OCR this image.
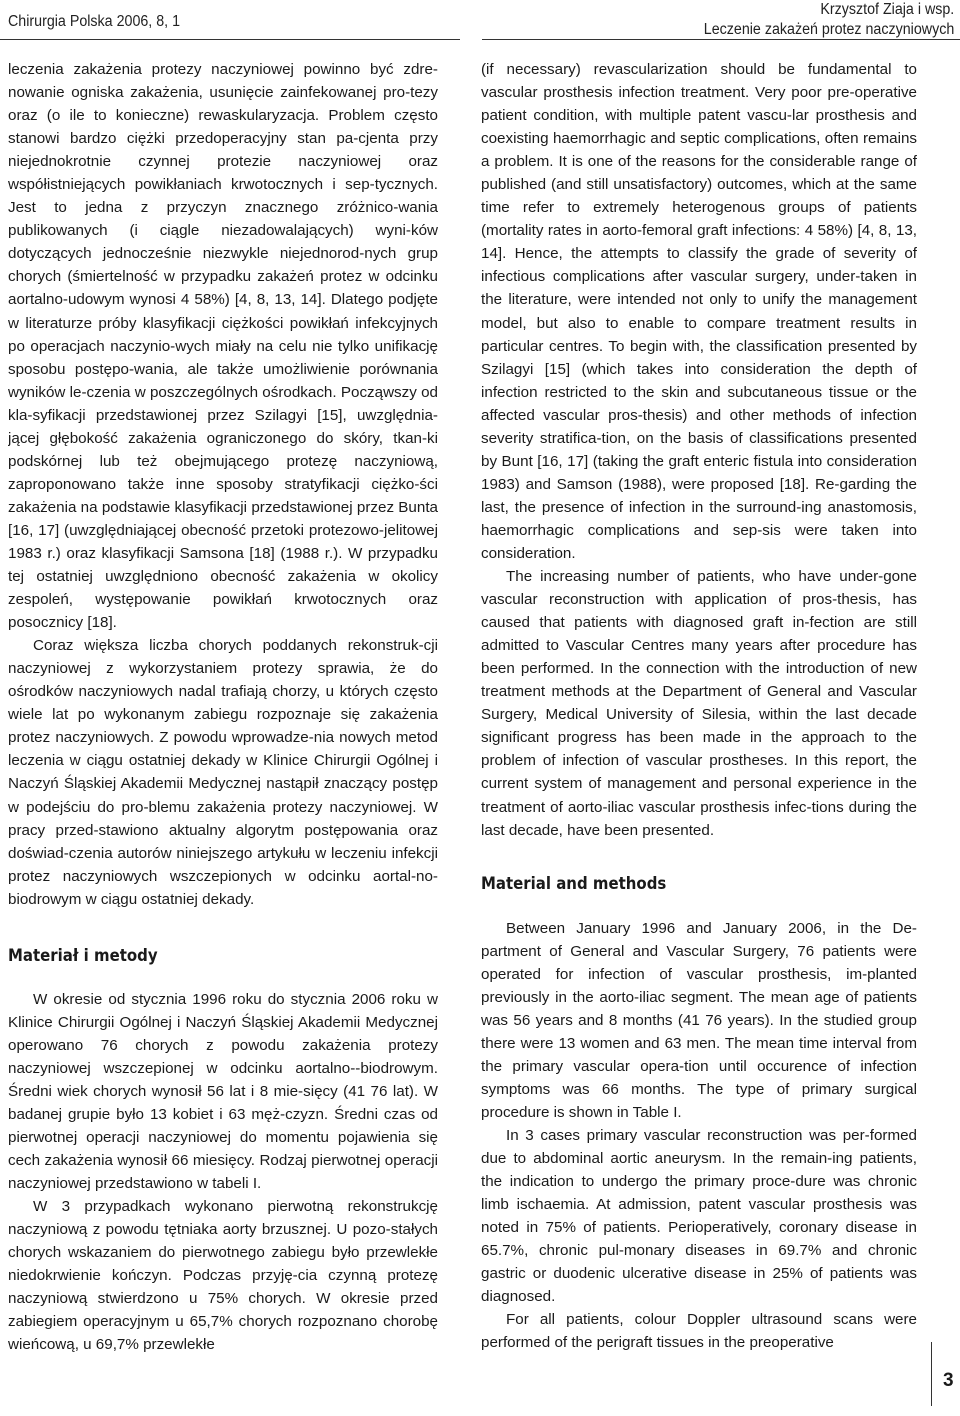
Chirurgia Polska 2006, 8, 1
Krzysztof Ziaja i wsp.
Leczenie zakażeń protez naczyniowych

leczenia zakażenia protezy naczyniowej powinno być zdre-nowanie ogniska zakażenia, usunięcie zainfekowanej pro-tezy oraz (o ile to konieczne) rewaskularyzacja. Problem często stanowi bardzo ciężki przedoperacyjny stan pa-cjenta przy niejednokrotnie czynnej protezie naczyniowej oraz współistniejących powikłaniach krwotocznych i sep-tycznych. Jest to jedna z przyczyn znacznego zróżnico-wania publikowanych (i ciągle niezadowalających) wyni-ków dotyczących jednocześnie niezwykle niejednorod-nych grup chorych (śmiertelność w przypadku zakażeń protez w odcinku aortalno-udowym wynosi 4 58%) [4, 8, 13, 14]. Dlatego podjęte w literaturze próby klasyfikacji ciężkości powikłań infekcyjnych po operacjach naczynio-wych miały na celu nie tylko unifikację sposobu postępo-wania, ale także umożliwienie porównania wyników le-czenia w poszczególnych ośrodkach. Począwszy od kla-syfikacji przedstawionej przez Szilagyi [15], uwzględnia-jącej głębokość zakażenia ograniczonego do skóry, tkan-ki podskórnej lub też obejmującego protezę naczyniową, zaproponowano także inne sposoby stratyfikacji ciężko-ści zakażenia na podstawie klasyfikacji przedstawionej przez Bunta [16, 17] (uwzględniającej obecność przetoki protezowo-jelitowej 1983 r.) oraz klasyfikacji Samsona [18] (1988 r.). W przypadku tej ostatniej uwzględniono obecność zakażenia w okolicy zespoleń, występowanie powikłań krwotocznych oraz posocznicy [18].

Coraz większa liczba chorych poddanych rekonstruk-cji naczyniowej z wykorzystaniem protezy sprawia, że do ośrodków naczyniowych nadal trafiają chorzy, u których często wiele lat po wykonanym zabiegu rozpoznaje się zakażenia protez naczyniowych. Z powodu wprowadze-nia nowych metod leczenia w ciągu ostatniej dekady w Klinice Chirurgii Ogólnej i Naczyń Śląskiej Akademii Medycznej nastąpił znaczący postęp w podejściu do pro-blemu zakażenia protezy naczyniowej. W pracy przed-stawiono aktualny algorytm postępowania oraz doświad-czenia autorów niniejszego artykułu w leczeniu infekcji protez naczyniowych wszczepionych w odcinku aortal-no-biodrowym w ciągu ostatniej dekady.

Materiał i metody

W okresie od stycznia 1996 roku do stycznia 2006 roku w Klinice Chirurgii Ogólnej i Naczyń Śląskiej Akademii Medycznej operowano 76 chorych z powodu zakażenia protezy naczyniowej wszczepionej w odcinku aortalno--biodrowym. Średni wiek chorych wynosił 56 lat i 8 mie-sięcy (41 76 lat). W badanej grupie było 13 kobiet i 63 męż-czyzn. Średni czas od pierwotnej operacji naczyniowej do momentu pojawienia się cech zakażenia wynosił 66 miesięcy. Rodzaj pierwotnej operacji naczyniowej przedstawiono w tabeli I.

W 3 przypadkach wykonano pierwotną rekonstrukcję naczyniową z powodu tętniaka aorty brzusznej. U pozo-stałych chorych wskazaniem do pierwotnego zabiegu było przewlekłe niedokrwienie kończyn. Podczas przyję-cia czynną protezę naczyniową stwierdzono u 75% chorych. W okresie przed zabiegiem operacyjnym u 65,7% chorych rozpoznano chorobę wieńcową, u 69,7% przewlekłe

(if necessary) revascularization should be fundamental to vascular prosthesis infection treatment. Very poor pre-operative patient condition, with multiple patent vascu-lar prosthesis and coexisting haemorrhagic and septic complications, often remains a problem. It is one of the reasons for the considerable range of published (and still unsatisfactory) outcomes, which at the same time refer to extremely heterogenous groups of patients (mortality rates in aorto-femoral graft infections: 4 58%) [4, 8, 13, 14]. Hence, the attempts to classify the grade of severity of infectious complications after vascular surgery, under-taken in the literature, were intended not only to unify the management model, but also to enable to compare treatment results in particular centres. To begin with, the classification presented by Szilagyi [15] (which takes into consideration the depth of infection restricted to the skin and subcutaneous tissue or the affected vascular pros-thesis) and other methods of infection severity stratifica-tion, on the basis of classifications presented by Bunt [16, 17] (taking the graft enteric fistula into consideration 1983) and Samson (1988), were proposed [18]. Re-garding the last, the presence of infection in the surround-ing anastomosis, haemorrhagic complications and sep-sis were taken into consideration.

The increasing number of patients, who have under-gone vascular reconstruction with application of pros-thesis, has caused that patients with diagnosed graft in-fection are still admitted to Vascular Centres many years after procedure has been performed. In the connection with the introduction of new treatment methods at the Department of General and Vascular Surgery, Medical University of Silesia, within the last decade significant progress has been made in the approach to the problem of infection of vascular prostheses. In this report, the current system of management and personal experience in the treatment of aorto-iliac vascular prosthesis infec-tions during the last decade, have been presented.

Material and methods

Between January 1996 and January 2006, in the De-partment of General and Vascular Surgery, 76 patients were operated for infection of vascular prosthesis, im-planted previously in the aorto-iliac segment. The mean age of patients was 56 years and 8 months (41 76 years). In the studied group there were 13 women and 63 men. The mean time interval from the primary vascular opera-tion until occurence of infection symptoms was 66 months. The type of primary surgical procedure is shown in Table I.

In 3 cases primary vascular reconstruction was per-formed due to abdominal aortic aneurysm. In the remain-ing patients, the indication to undergo the primary proce-dure was chronic limb ischaemia. At admission, patent vascular prosthesis was noted in 75% of patients. Perioperatively, coronary disease in 65.7%, chronic pul-monary diseases in 69.7% and chronic gastric or duodenic ulcerative disease in 25% of patients was diagnosed.

For all patients, colour Doppler ultrasound scans were performed of the perigraft tissues in the preoperative

3
